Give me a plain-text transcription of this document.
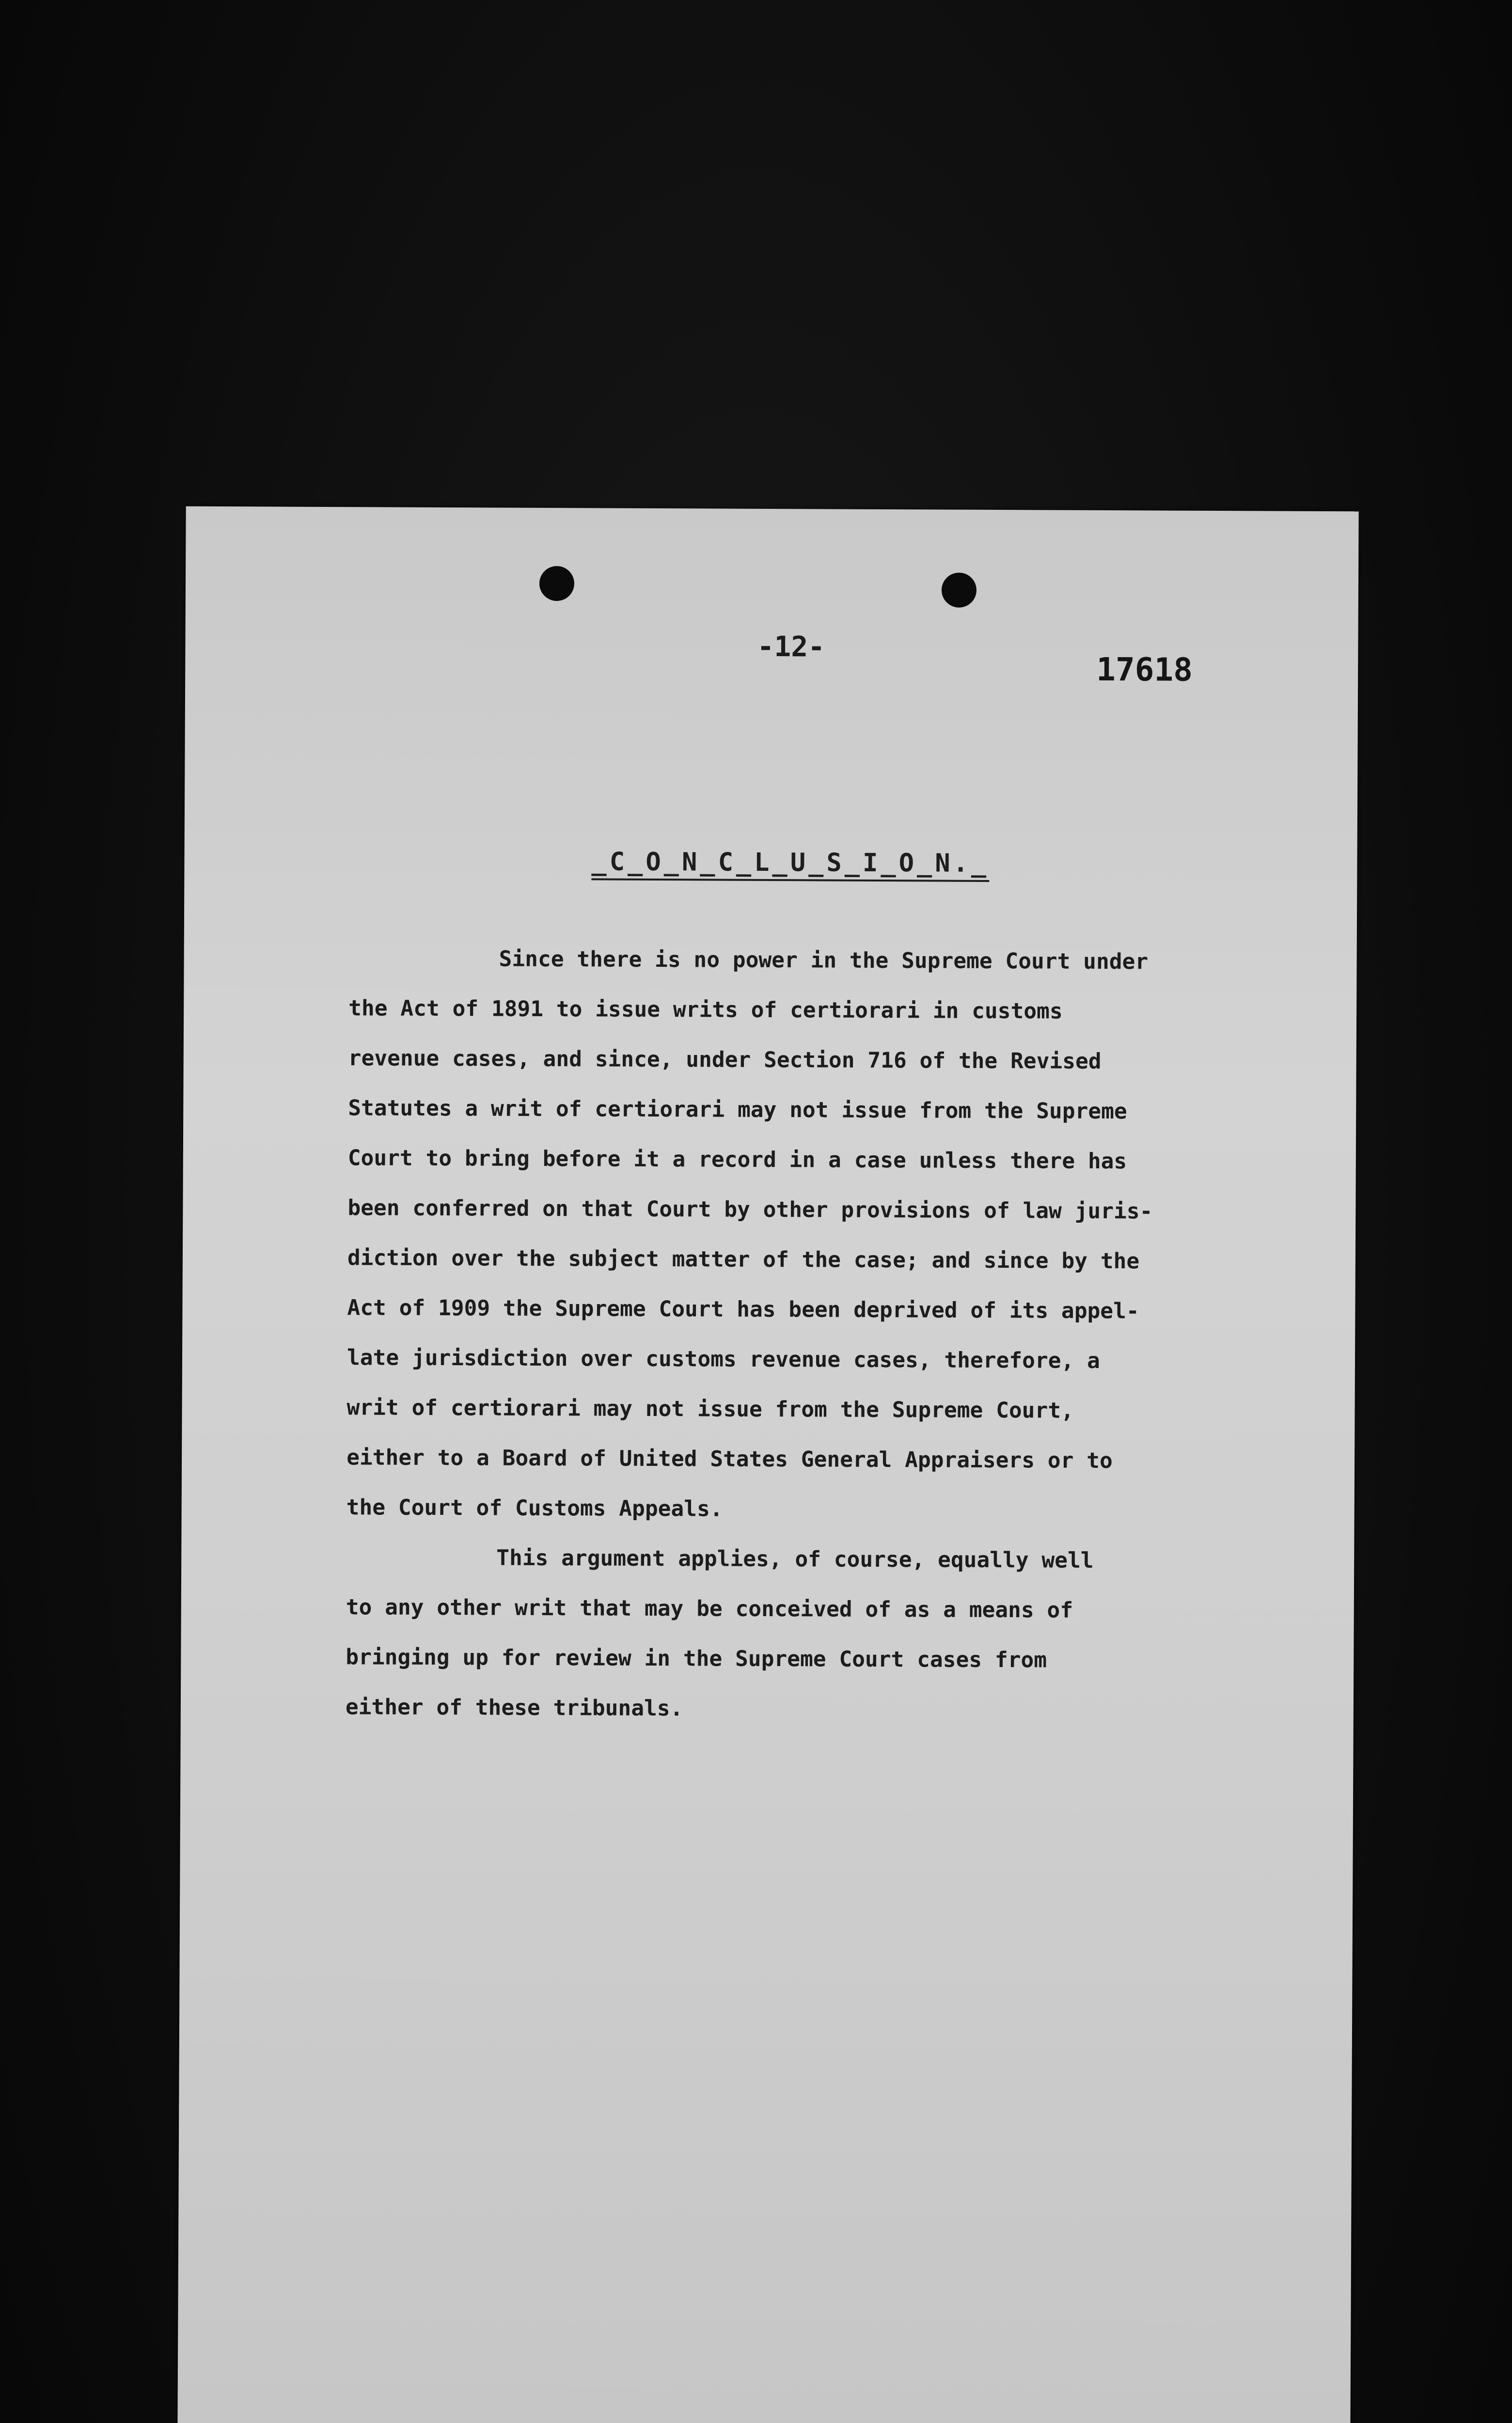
-12-
17618
_C_O_N_C_L_U_S_I_O_N._
Since there is no power in the Supreme Court under
the Act of 1891 to issue writs of certiorari in customs
revenue cases, and since, under Section 716 of the Revised
Statutes a writ of certiorari may not issue from the Supreme
Court to bring before it a record in a case unless there has
been conferred on that Court by other provisions of law juris-
diction over the subject matter of the case; and since by the
Act of 1909 the Supreme Court has been deprived of its appel-
late jurisdiction over customs revenue cases, therefore, a
writ of certiorari may not issue from the Supreme Court,
either to a Board of United States General Appraisers or to
the Court of Customs Appeals.
This argument applies, of course, equally well
to any other writ that may be conceived of as a means of
bringing up for review in the Supreme Court cases from
either of these tribunals.
